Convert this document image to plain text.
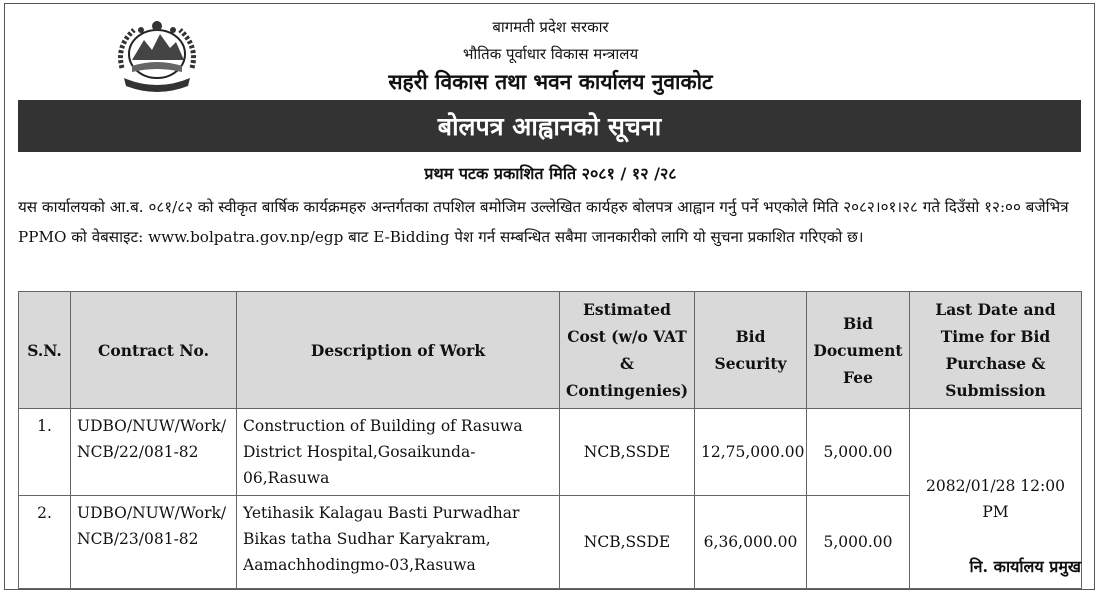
बागमती प्रदेश सरकार
भौतिक पूर्वाधार विकास मन्त्रालय
सहरी विकास तथा भवन कार्यालय नुवाकोट
बोलपत्र आह्वानको सूचना
प्रथम पटक प्रकाशित मिति २०८१ / १२ /२८

यस कार्यालयको आ.ब. ०८१/८२ को स्वीकृत बार्षिक कार्यक्रमहरु अन्तर्गतका तपशिल बमोजिम उल्लेखित कार्यहरु बोलपत्र आह्वान गर्नु पर्ने भएकोले मिति २०८२।०१।२८ गते दिउँसो १२:०० बजेभित्र PPMO को वेबसाइट: www.bolpatra.gov.np/egp बाट E-Bidding पेश गर्न सम्बन्धित सबैमा जानकारीको लागि यो सुचना प्रकाशित गरिएको छ।

S.N.	Contract No.	Description of Work	Estimated Cost (w/o VAT & Contingenies)	Bid Security	Bid Document Fee	Last Date and Time for Bid Purchase & Submission
1.	UDBO/NUW/Work/ NCB/22/081-82	Construction of Building of Rasuwa District Hospital,Gosaikunda-06,Rasuwa	NCB,SSDE	12,75,000.00	5,000.00	2082/01/28 12:00 PM
2.	UDBO/NUW/Work/ NCB/23/081-82	Yetihasik Kalagau Basti Purwadhar Bikas tatha Sudhar Karyakram, Aamachhodingmo-03,Rasuwa	NCB,SSDE	6,36,000.00	5,000.00	
नि. कार्यालय प्रमुख
